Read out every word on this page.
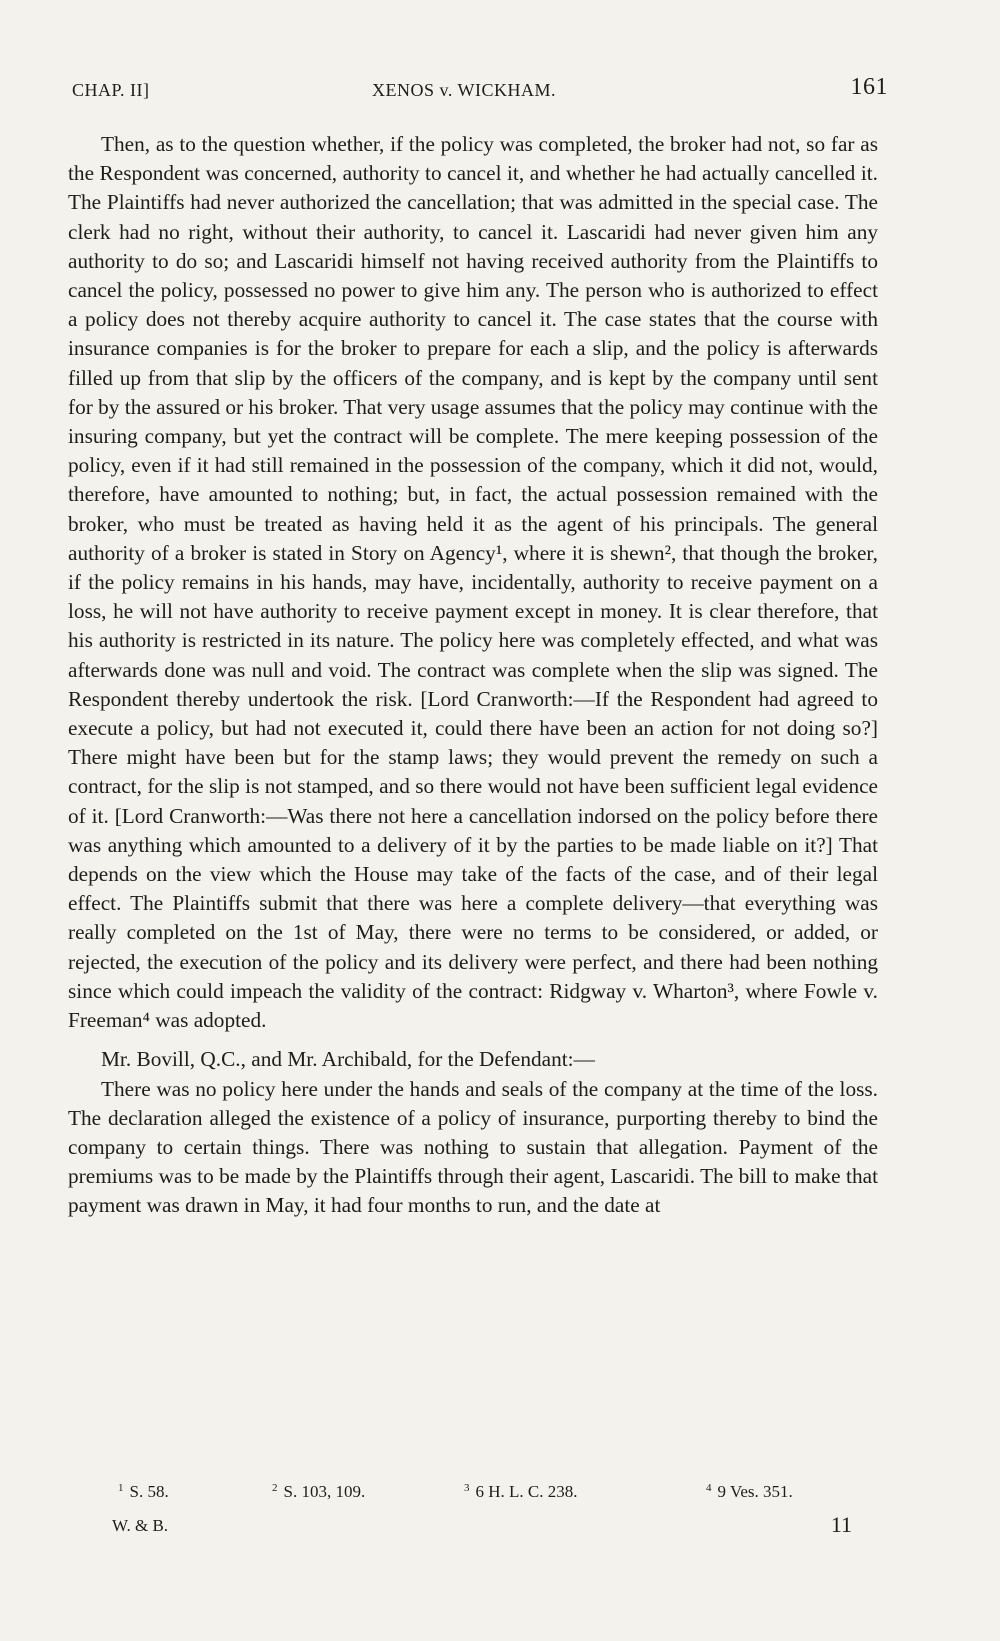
CHAP. II]	XENOS v. WICKHAM.	161

Then, as to the question whether, if the policy was completed, the broker had not, so far as the Respondent was concerned, authority to cancel it, and whether he had actually cancelled it. The Plaintiffs had never authorized the cancellation; that was admitted in the special case. The clerk had no right, without their authority, to cancel it. Lascaridi had never given him any authority to do so; and Lascaridi himself not having received authority from the Plaintiffs to cancel the policy, possessed no power to give him any. The person who is authorized to effect a policy does not thereby acquire authority to cancel it. The case states that the course with insurance companies is for the broker to prepare for each a slip, and the policy is afterwards filled up from that slip by the officers of the company, and is kept by the company until sent for by the assured or his broker. That very usage assumes that the policy may continue with the insuring company, but yet the contract will be complete. The mere keeping possession of the policy, even if it had still remained in the possession of the company, which it did not, would, therefore, have amounted to nothing; but, in fact, the actual possession remained with the broker, who must be treated as having held it as the agent of his principals. The general authority of a broker is stated in Story on Agency¹, where it is shewn², that though the broker, if the policy remains in his hands, may have, incidentally, authority to receive payment on a loss, he will not have authority to receive payment except in money. It is clear therefore, that his authority is restricted in its nature. The policy here was completely effected, and what was afterwards done was null and void. The contract was complete when the slip was signed. The Respondent thereby undertook the risk. [Lord Cranworth:—If the Respondent had agreed to execute a policy, but had not executed it, could there have been an action for not doing so?] There might have been but for the stamp laws; they would prevent the remedy on such a contract, for the slip is not stamped, and so there would not have been sufficient legal evidence of it. [Lord Cranworth:—Was there not here a cancellation indorsed on the policy before there was anything which amounted to a delivery of it by the parties to be made liable on it?] That depends on the view which the House may take of the facts of the case, and of their legal effect. The Plaintiffs submit that there was here a complete delivery—that everything was really completed on the 1st of May, there were no terms to be considered, or added, or rejected, the execution of the policy and its delivery were perfect, and there had been nothing since which could impeach the validity of the contract: Ridgway v. Wharton³, where Fowle v. Freeman⁴ was adopted.

Mr. Bovill, Q.C., and Mr. Archibald, for the Defendant:—

There was no policy here under the hands and seals of the company at the time of the loss. The declaration alleged the existence of a policy of insurance, purporting thereby to bind the company to certain things. There was nothing to sustain that allegation. Payment of the premiums was to be made by the Plaintiffs through their agent, Lascaridi. The bill to make that payment was drawn in May, it had four months to run, and the date at

$^1$ S. 58.	$^2$ S. 103, 109.	$^3$ 6 H. L. C. 238.	$^4$ 9 Ves. 351.
W. & B.	11
